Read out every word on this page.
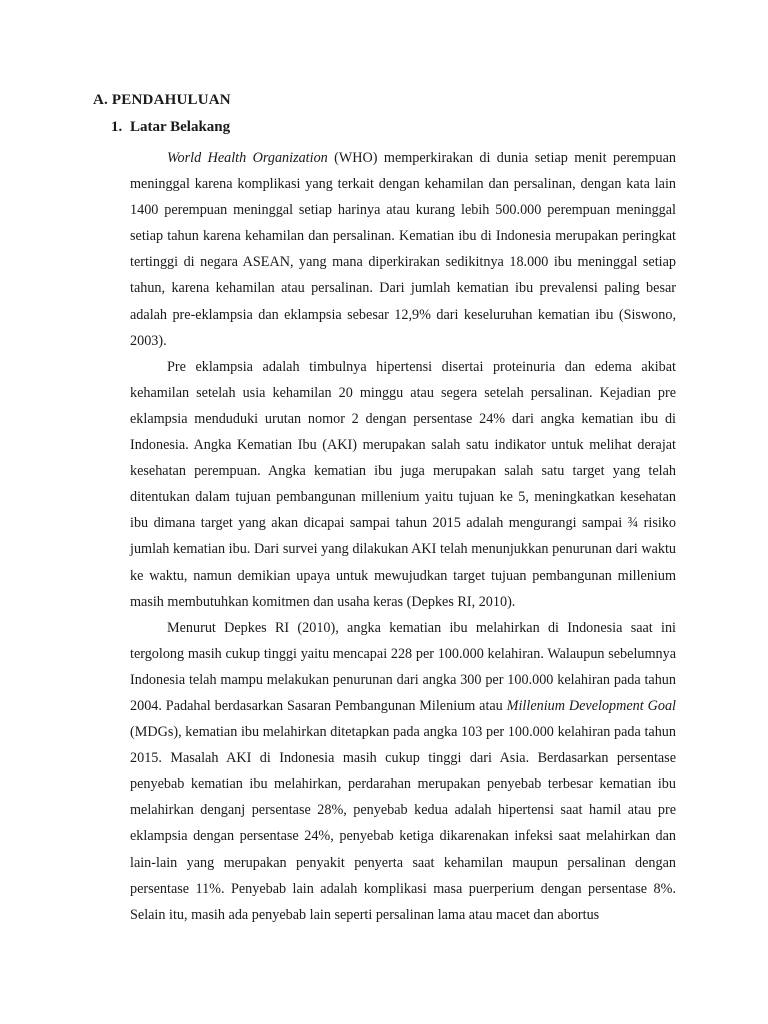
A. PENDAHULUAN
1. Latar Belakang

World Health Organization (WHO) memperkirakan di dunia setiap menit perempuan meninggal karena komplikasi yang terkait dengan kehamilan dan persalinan, dengan kata lain 1400 perempuan meninggal setiap harinya atau kurang lebih 500.000 perempuan meninggal setiap tahun karena kehamilan dan persalinan. Kematian ibu di Indonesia merupakan peringkat tertinggi di negara ASEAN, yang mana diperkirakan sedikitnya 18.000 ibu meninggal setiap tahun, karena kehamilan atau persalinan. Dari jumlah kematian ibu prevalensi paling besar adalah pre-eklampsia dan eklampsia sebesar 12,9% dari keseluruhan kematian ibu (Siswono, 2003).

Pre eklampsia adalah timbulnya hipertensi disertai proteinuria dan edema akibat kehamilan setelah usia kehamilan 20 minggu atau segera setelah persalinan. Kejadian pre eklampsia menduduki urutan nomor 2 dengan persentase 24% dari angka kematian ibu di Indonesia. Angka Kematian Ibu (AKI) merupakan salah satu indikator untuk melihat derajat kesehatan perempuan. Angka kematian ibu juga merupakan salah satu target yang telah ditentukan dalam tujuan pembangunan millenium yaitu tujuan ke 5, meningkatkan kesehatan ibu dimana target yang akan dicapai sampai tahun 2015 adalah mengurangi sampai ¾ risiko jumlah kematian ibu. Dari survei yang dilakukan AKI telah menunjukkan penurunan dari waktu ke waktu, namun demikian upaya untuk mewujudkan target tujuan pembangunan millenium masih membutuhkan komitmen dan usaha keras (Depkes RI, 2010).

Menurut Depkes RI (2010), angka kematian ibu melahirkan di Indonesia saat ini tergolong masih cukup tinggi yaitu mencapai 228 per 100.000 kelahiran. Walaupun sebelumnya Indonesia telah mampu melakukan penurunan dari angka 300 per 100.000 kelahiran pada tahun 2004. Padahal berdasarkan Sasaran Pembangunan Milenium atau Millenium Development Goal (MDGs), kematian ibu melahirkan ditetapkan pada angka 103 per 100.000 kelahiran pada tahun 2015. Masalah AKI di Indonesia masih cukup tinggi dari Asia. Berdasarkan persentase penyebab kematian ibu melahirkan, perdarahan merupakan penyebab terbesar kematian ibu melahirkan denganj persentase 28%, penyebab kedua adalah hipertensi saat hamil atau pre eklampsia dengan persentase 24%, penyebab ketiga dikarenakan infeksi saat melahirkan dan lain-lain yang merupakan penyakit penyerta saat kehamilan maupun persalinan dengan persentase 11%. Penyebab lain adalah komplikasi masa puerperium dengan persentase 8%. Selain itu, masih ada penyebab lain seperti persalinan lama atau macet dan abortus
